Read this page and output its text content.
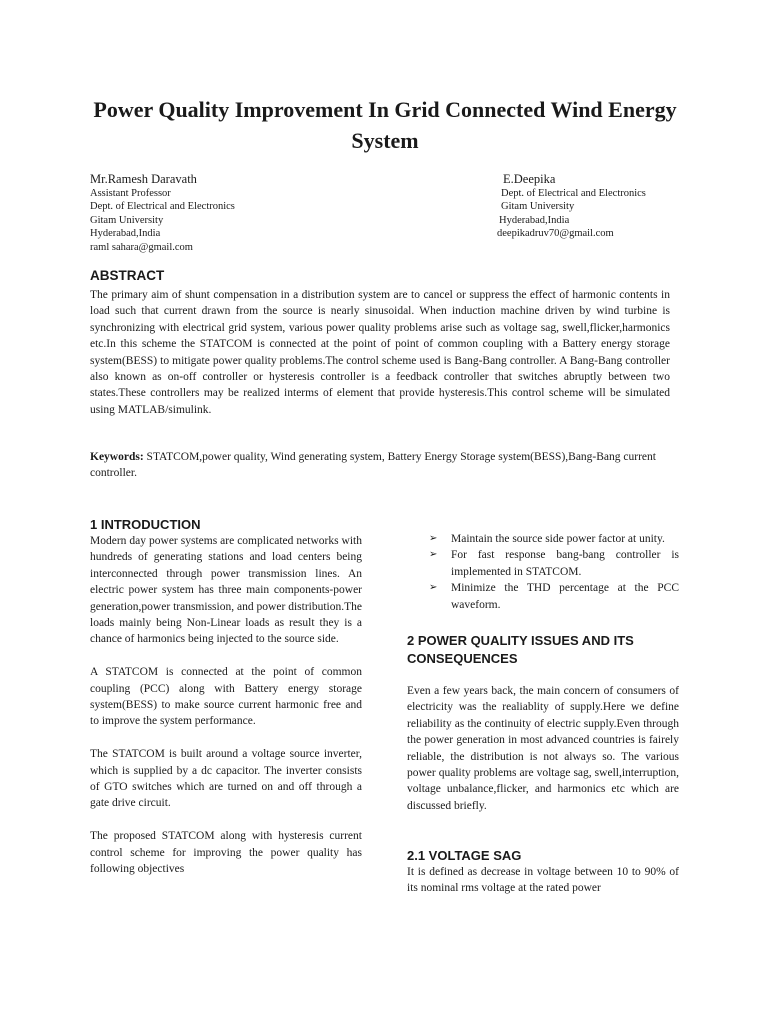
Power Quality Improvement In Grid Connected Wind Energy System
Mr.Ramesh Daravath
Assistant Professor
Dept. of Electrical and Electronics
Gitam University
Hyderabad,India
raml sahara@gmail.com
E.Deepika
Dept. of Electrical and Electronics
Gitam University
Hyderabad,India
deepikadruv70@gmail.com
ABSTRACT
The primary aim of shunt compensation in a distribution system are to cancel or suppress the effect of harmonic contents in load such that current drawn from the source is nearly sinusoidal. When induction machine driven by wind turbine is synchronizing with electrical grid system, various power quality problems arise such as voltage sag, swell,flicker,harmonics etc.In this scheme the STATCOM is connected at the point of point of common coupling with a Battery energy storage system(BESS) to mitigate power quality problems.The control scheme used is Bang-Bang controller. A Bang-Bang controller also known as on-off controller or hysteresis controller is a feedback controller that switches abruptly between two states.These controllers may be realized interms of element that provide hysteresis.This control scheme will be simulated using MATLAB/simulink.
Keywords: STATCOM,power quality, Wind generating system, Battery Energy Storage system(BESS),Bang-Bang current controller.
1 INTRODUCTION

Modern day power systems are complicated networks with hundreds of generating stations and load centers being interconnected through power transmission lines. An electric power system has three main components-power generation,power transmission, and power distribution.The loads mainly being Non-Linear loads as result they is a chance of harmonics being injected to the source side.

A STATCOM is connected at the point of common coupling (PCC) along with Battery energy storage system(BESS) to make source current harmonic free and to improve the system performance.

The STATCOM is built around a voltage source inverter, which is supplied by a dc capacitor. The inverter consists of GTO switches which are turned on and off through a gate drive circuit.

The proposed STATCOM along with hysteresis current control scheme for improving the power quality has following objectives

➢ Maintain the source side power factor at unity.
➢ For fast response bang-bang controller is implemented in STATCOM.
➢ Minimize the THD percentage at the PCC waveform.
2 POWER QUALITY ISSUES AND ITS CONSEQUENCES
Even a few years back, the main concern of consumers of electricity was the realiablity of supply.Here we define reliability as the continuity of electric supply.Even through the power generation in most advanced countries is fairely reliable, the distribution is not always so. The various power quality problems are voltage sag, swell,interruption, voltage unbalance,flicker, and harmonics etc which are discussed briefly.
2.1 VOLTAGE SAG
It is defined as decrease in voltage between 10 to 90% of its nominal rms voltage at the rated power
